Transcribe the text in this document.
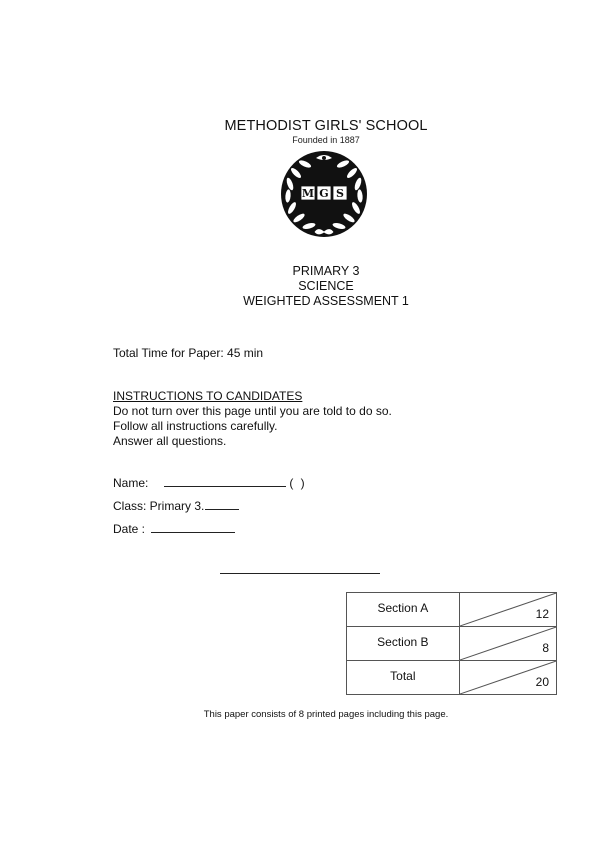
METHODIST GIRLS' SCHOOL
Founded in 1887
M G S
PRIMARY 3
SCIENCE
WEIGHTED ASSESSMENT 1
Total Time for Paper: 45 min
INSTRUCTIONS TO CANDIDATES
Do not turn over this page until you are told to do so.
Follow all instructions carefully.
Answer all questions.
Name:	( )
Class: Primary 3.
Date :
Section A	12

Section B	8

Total	20
This paper consists of 8 printed pages including this page.
